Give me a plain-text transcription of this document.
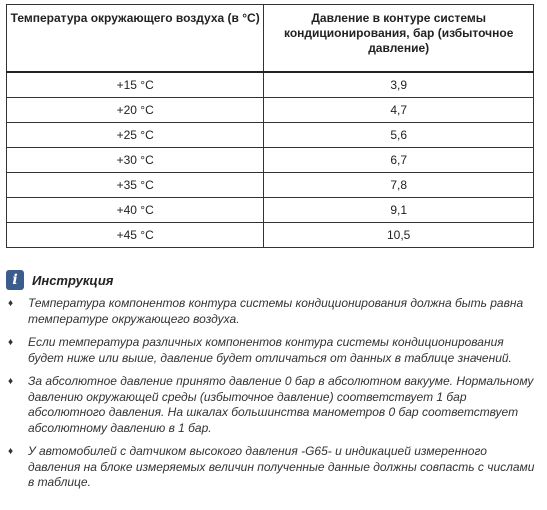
Температура окружающего воздуха (в °С)	Давление в контуре системы кондиционирования, бар (избыточное давление)
+15 °С	3,9
+20 °С	4,7
+25 °С	5,6
+30 °С	6,7
+35 °С	7,8
+40 °С	9,1
+45 °С	10,5
i	Инструкция
♦ Температура компонентов контура системы кондиционирования должна быть равна температуре окружающего воздуха.
♦ Если температура различных компонентов контура системы кондиционирования будет ниже или выше, давление будет отличаться от данных в таблице значений.
♦ За абсолютное давление принято давление 0 бар в абсолютном вакууме. Нормальному давлению окружающей среды (избыточное давление) соответствует 1 бар абсолютного давления. На шкалах большинства манометров 0 бар соответствует абсолютному давлению в 1 бар.
♦ У автомобилей с датчиком высокого давления -G65- и индикацией измеренного давления на блоке измеряемых величин полученные данные должны совпасть с числами в таблице.
